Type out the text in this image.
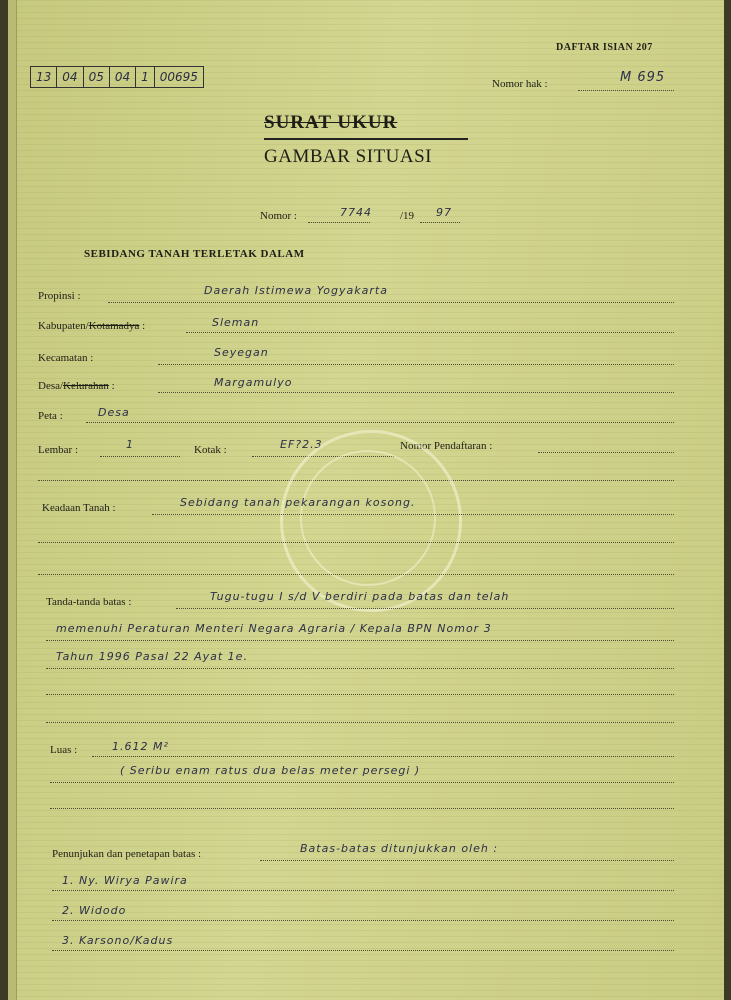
DAFTAR ISIAN 207
13 04 05 04 1 00695	Nomor hak :	M 695
SURAT UKUR
GAMBAR SITUASI
Nomor :	7744	/19 97
SEBIDANG TANAH TERLETAK DALAM
Propinsi :	Daerah Istimewa Yogyakarta
Kabupaten/Kotamadya :	Sleman
Kecamatan :	Seyegan
Desa/Kelurahan :	Margamulyo
Peta :	Desa
Lembar :	1	Kotak :	EF?2.3	Nomor Pendaftaran :
Keadaan Tanah :	Sebidang tanah pekarangan kosong.
Tanda-tanda batas :	Tugu-tugu I s/d V berdiri pada batas dan telah
memenuhi Peraturan Menteri Negara Agraria / Kepala BPN Nomor 3
Tahun 1996 Pasal 22 Ayat 1e.
Luas :	1.612 M²
( Seribu enam ratus dua belas meter persegi )
Penunjukan dan penetapan batas :	Batas-batas ditunjukkan oleh :
1. Ny. Wirya Pawira
2. Widodo
3. Karsono/Kadus
